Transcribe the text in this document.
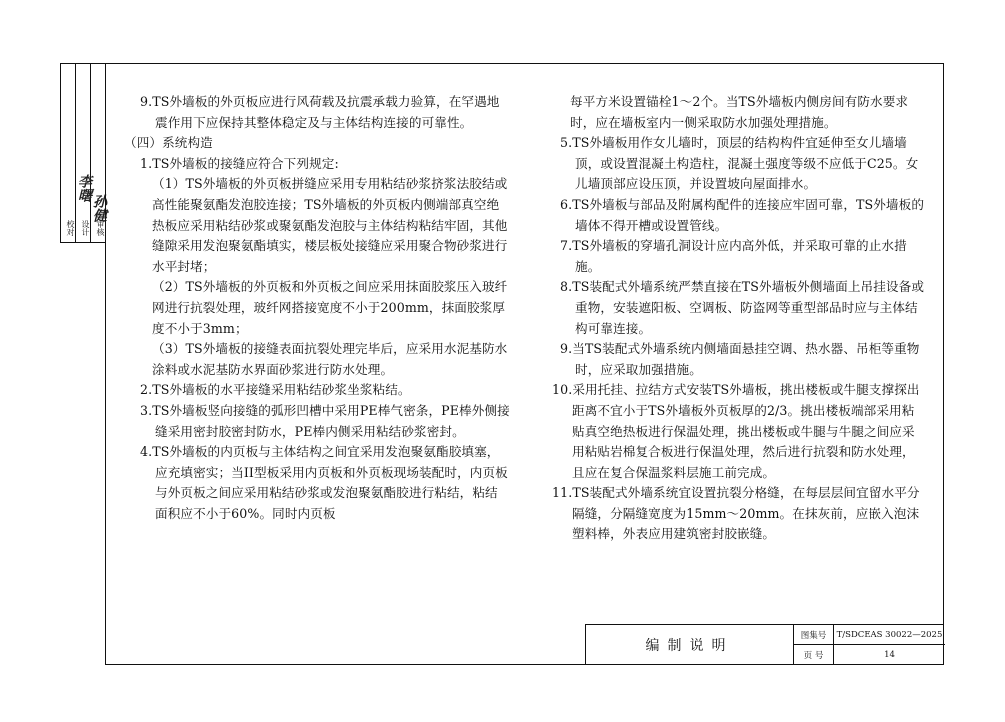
校对 设计 审核
李曙
孙健

9.TS外墙板的外页板应进行风荷载及抗震承载力验算，在罕遇地震作用下应保持其整体稳定及与主体结构连接的可靠性。

（四）系统构造

1.TS外墙板的接缝应符合下列规定:

（1）TS外墙板的外页板拼缝应采用专用粘结砂浆挤浆法胶结或高性能聚氨酯发泡胶连接；TS外墙板的外页板内侧端部真空绝热板应采用粘结砂浆或聚氨酯发泡胶与主体结构粘结牢固，其他缝隙采用发泡聚氨酯填实，楼层板处接缝应采用聚合物砂浆进行水平封堵；

（2）TS外墙板的外页板和外页板之间应采用抹面胶浆压入玻纤网进行抗裂处理，玻纤网搭接宽度不小于200mm，抹面胶浆厚度不小于3mm；

（3）TS外墙板的接缝表面抗裂处理完毕后，应采用水泥基防水涂料或水泥基防水界面砂浆进行防水处理。

2.TS外墙板的水平接缝采用粘结砂浆坐浆粘结。

3.TS外墙板竖向接缝的弧形凹槽中采用PE棒气密条，PE棒外侧接缝采用密封胶密封防水，PE棒内侧采用粘结砂浆密封。

4.TS外墙板的内页板与主体结构之间宜采用发泡聚氨酯胶填塞，应充填密实；当II型板采用内页板和外页板现场装配时，内页板与外页板之间应采用粘结砂浆或发泡聚氨酯胶进行粘结，粘结面积应不小于60%。同时内页板

每平方米设置锚栓1～2个。当TS外墙板内侧房间有防水要求时，应在墙板室内一侧采取防水加强处理措施。

5.TS外墙板用作女儿墙时，顶层的结构构件宜延伸至女儿墙墙顶，或设置混凝土构造柱，混凝土强度等级不应低于C25。女儿墙顶部应设压顶，并设置坡向屋面排水。

6.TS外墙板与部品及附属构配件的连接应牢固可靠，TS外墙板的墙体不得开槽或设置管线。

7.TS外墙板的穿墙孔洞设计应内高外低，并采取可靠的止水措施。

8.TS装配式外墙系统严禁直接在TS外墙板外侧墙面上吊挂设备或重物，安装遮阳板、空调板、防盗网等重型部品时应与主体结构可靠连接。

9.当TS装配式外墙系统内侧墙面悬挂空调、热水器、吊柜等重物时，应采取加强措施。

10.采用托挂、拉结方式安装TS外墙板，挑出楼板或牛腿支撑探出距离不宜小于TS外墙板外页板厚的2/3。挑出楼板端部采用粘贴真空绝热板进行保温处理，挑出楼板或牛腿与牛腿之间应采用粘贴岩棉复合板进行保温处理，然后进行抗裂和防水处理，且应在复合保温浆料层施工前完成。

11.TS装配式外墙系统宜设置抗裂分格缝，在每层层间宜留水平分隔缝，分隔缝宽度为15mm～20mm。在抹灰前，应嵌入泡沫塑料棒，外表应用建筑密封胶嵌缝。

编制说明
图集号	T/SDCEAS 30022—2025
页 号	14
